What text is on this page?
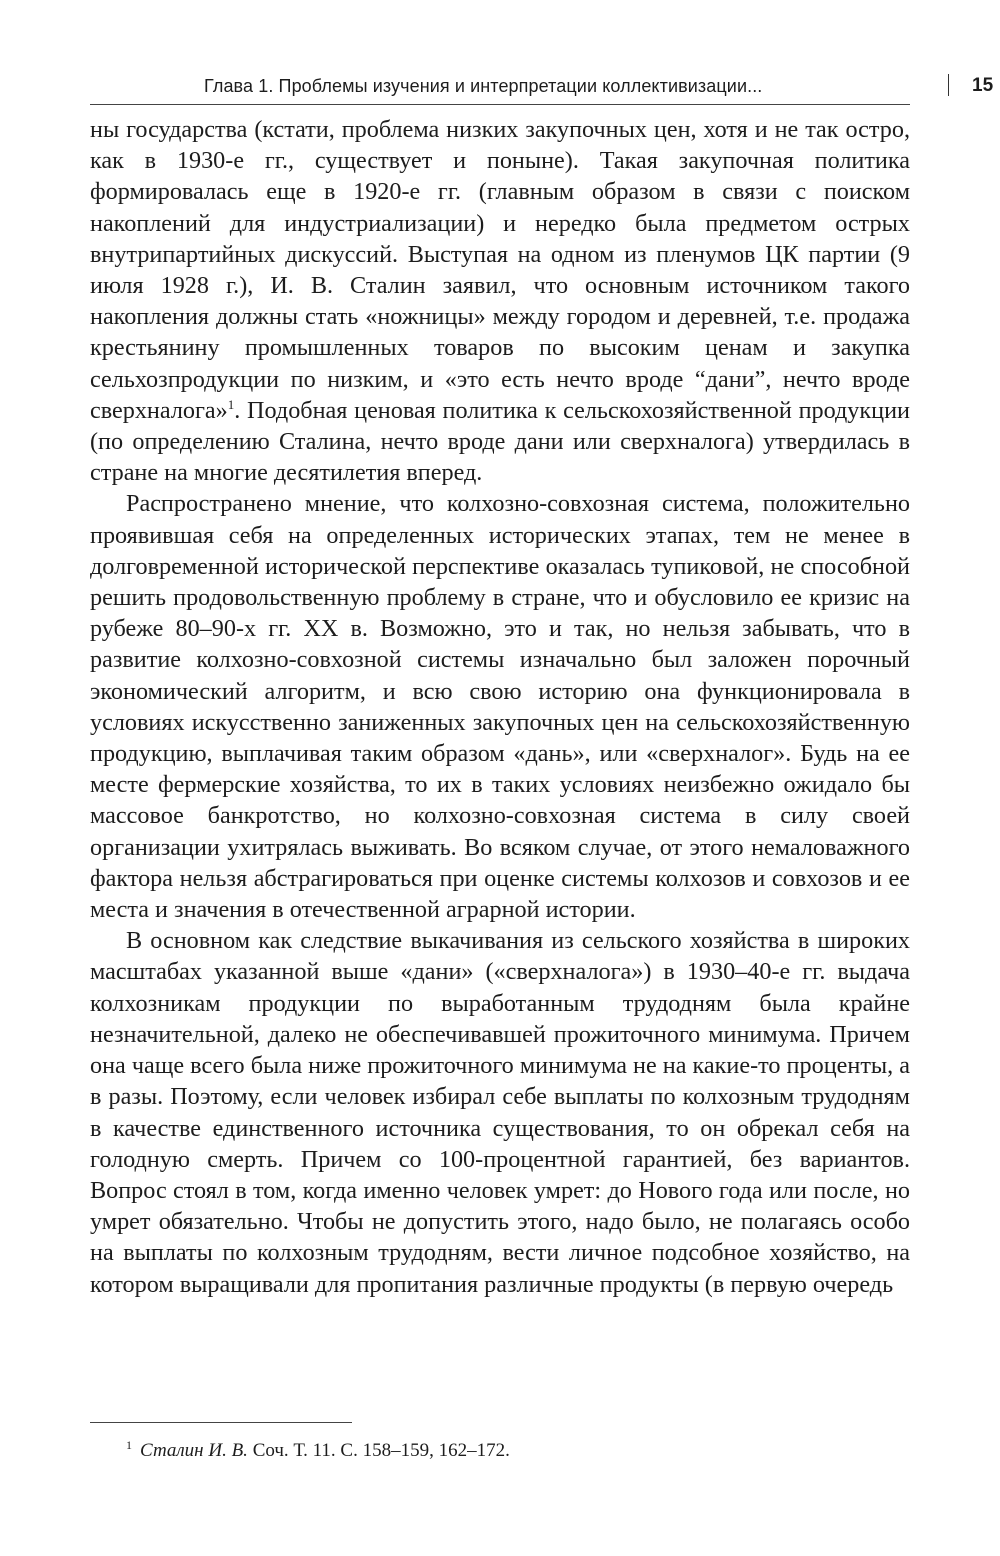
Глава 1. Проблемы изучения и интерпретации коллективизации...	15

ны государства (кстати, проблема низких закупочных цен, хотя и не так остро, как в 1930-е гг., существует и поныне). Такая закупочная политика формировалась еще в 1920-е гг. (главным образом в связи с поиском накоплений для индустриализации) и нередко была предметом острых внутрипартийных дискуссий. Выступая на одном из пленумов ЦК партии (9 июля 1928 г.), И. В. Сталин заявил, что основным источником такого накопления должны стать «ножницы» между городом и деревней, т.е. продажа крестьянину промышленных товаров по высоким ценам и закупка сельхозпродукции по низким, и «это есть нечто вроде “дани”, нечто вроде сверхналога»$^1$. Подобная ценовая политика к сельскохозяйственной продукции (по определению Сталина, нечто вроде дани или сверхналога) утвердилась в стране на многие десятилетия вперед.

Распространено мнение, что колхозно-совхозная система, положительно проявившая себя на определенных исторических этапах, тем не менее в долговременной исторической перспективе оказалась тупиковой, не способной решить продовольственную проблему в стране, что и обусловило ее кризис на рубеже 80–90-х гг. XX в. Возможно, это и так, но нельзя забывать, что в развитие колхозно-совхозной системы изначально был заложен порочный экономический алгоритм, и всю свою историю она функционировала в условиях искусственно заниженных закупочных цен на сельскохозяйственную продукцию, выплачивая таким образом «дань», или «сверхналог». Будь на ее месте фермерские хозяйства, то их в таких условиях неизбежно ожидало бы массовое банкротство, но колхозно-совхозная система в силу своей организации ухитрялась выживать. Во всяком случае, от этого немаловажного фактора нельзя абстрагироваться при оценке системы колхозов и совхозов и ее места и значения в отечественной аграрной истории.

В основном как следствие выкачивания из сельского хозяйства в широких масштабах указанной выше «дани» («сверхналога») в 1930–40-е гг. выдача колхозникам продукции по выработанным трудодням была крайне незначительной, далеко не обеспечивавшей прожиточного минимума. Причем она чаще всего была ниже прожиточного минимума не на какие-то проценты, а в разы. Поэтому, если человек избирал себе выплаты по колхозным трудодням в качестве единственного источника существования, то он обрекал себя на голодную смерть. Причем со 100-процентной гарантией, без вариантов. Вопрос стоял в том, когда именно человек умрет: до Нового года или после, но умрет обязательно. Чтобы не допустить этого, надо было, не полагаясь особо на выплаты по колхозным трудодням, вести личное подсобное хозяйство, на котором выращивали для пропитания различные продукты (в первую очередь

$^1$ Сталин И. В. Соч. Т. 11. С. 158–159, 162–172.
